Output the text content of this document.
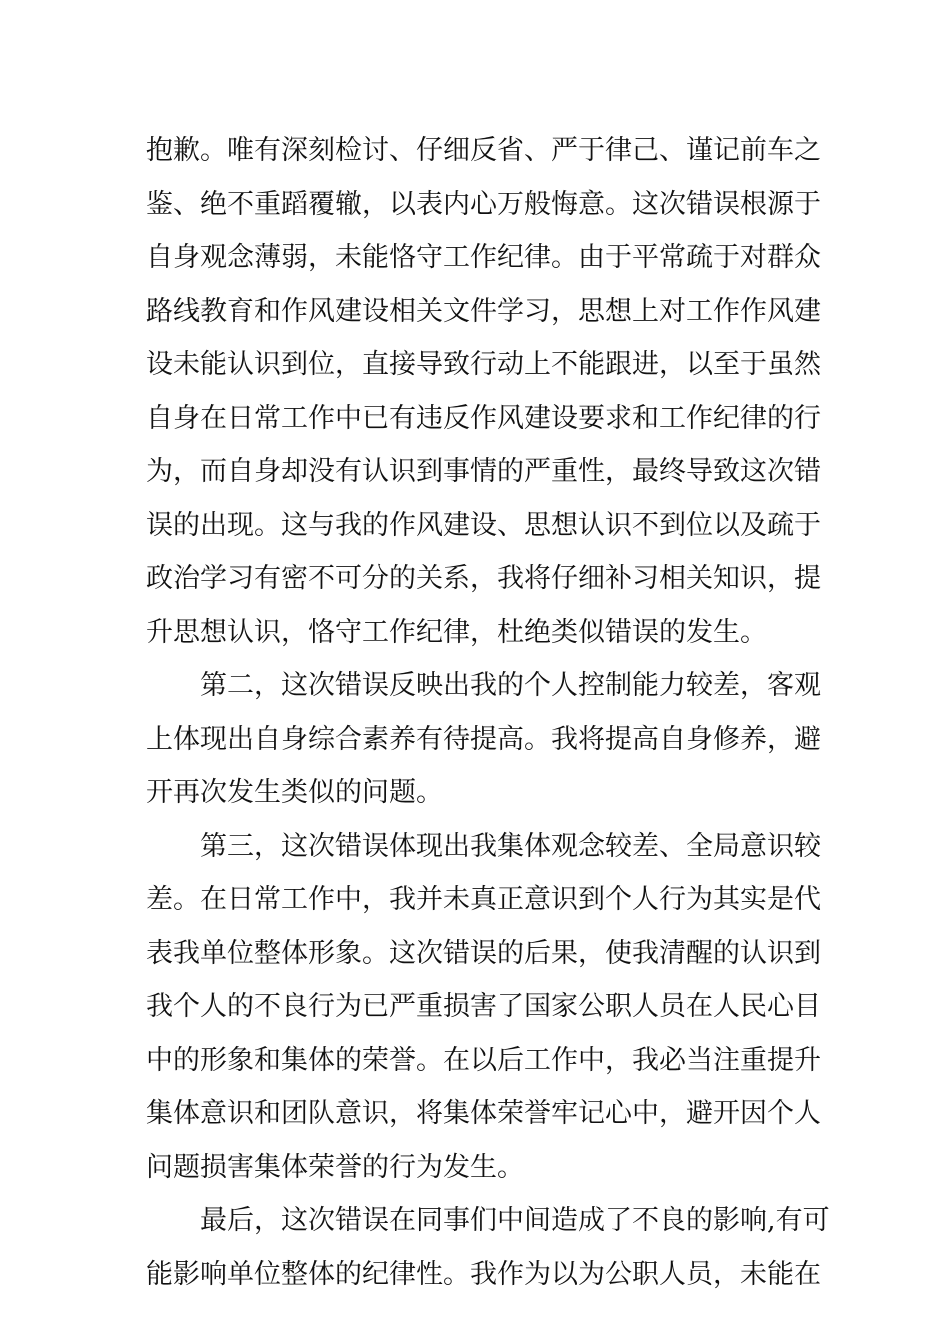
抱歉。唯有深刻检讨、仔细反省、严于律己、谨记前车之
鉴、绝不重蹈覆辙，以表内心万般悔意。这次错误根源于
自身观念薄弱，未能恪守工作纪律。由于平常疏于对群众
路线教育和作风建设相关文件学习，思想上对工作作风建
设未能认识到位，直接导致行动上不能跟进，以至于虽然
自身在日常工作中已有违反作风建设要求和工作纪律的行
为，而自身却没有认识到事情的严重性，最终导致这次错
误的出现。这与我的作风建设、思想认识不到位以及疏于
政治学习有密不可分的关系，我将仔细补习相关知识，提
升思想认识，恪守工作纪律，杜绝类似错误的发生。
　　第二，这次错误反映出我的个人控制能力较差，客观
上体现出自身综合素养有待提高。我将提高自身修养，避
开再次发生类似的问题。
　　第三，这次错误体现出我集体观念较差、全局意识较
差。在日常工作中，我并未真正意识到个人行为其实是代
表我单位整体形象。这次错误的后果，使我清醒的认识到
我个人的不良行为已严重损害了国家公职人员在人民心目
中的形象和集体的荣誉。在以后工作中，我必当注重提升
集体意识和团队意识，将集体荣誉牢记心中，避开因个人
问题损害集体荣誉的行为发生。
　　最后，这次错误在同事们中间造成了不良的影响,有可
能影响单位整体的纪律性。我作为以为公职人员，未能在
